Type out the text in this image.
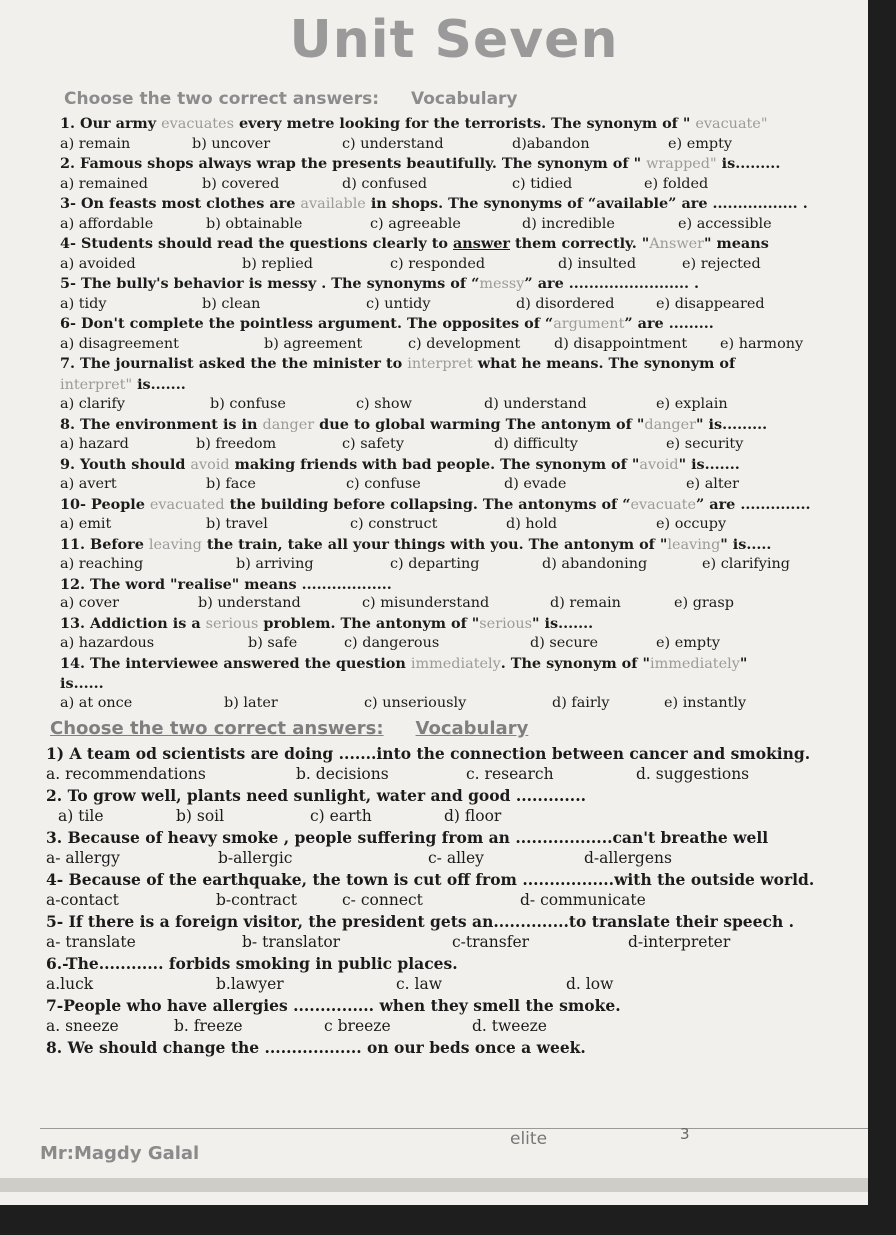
Unit Seven
Choose the two correct answers: Vocabulary
1. Our army evacuates every metre looking for the terrorists. The synonym of " evacuate"
a) remain	b) uncover	c) understand	d)abandon	e) empty
2. Famous shops always wrap the presents beautifully. The synonym of " wrapped" is.........
a) remained	b) covered	d) confused	c) tidied	e) folded
3- On feasts most clothes are available in shops. The synonyms of “available” are ................. .
a) affordable	b) obtainable	c) agreeable	d) incredible	e) accessible
4- Students should read the questions clearly to answer them correctly. "Answer" means
a) avoided	b) replied	c) responded	d) insulted	e) rejected
5- The bully's behavior is messy . The synonyms of “messy” are ........................ .
a) tidy	b) clean	c) untidy	d) disordered	e) disappeared
6- Don't complete the pointless argument. The opposites of “argument” are .........
a) disagreement	b) agreement	c) development	d) disappointment	e) harmony
7. The journalist asked the the minister to interpret what he means. The synonym of
interpret" is.......
a) clarify	b) confuse	c) show	d) understand	e) explain
8. The environment is in danger due to global warming The antonym of "danger" is.........
a) hazard	b) freedom	c) safety	d) difficulty	e) security
9. Youth should avoid making friends with bad people. The synonym of "avoid" is.......
a) avert	b) face	c) confuse	d) evade	e) alter
10- People evacuated the building before collapsing. The antonyms of “evacuate” are ..............
a) emit	b) travel	c) construct	d) hold	e) occupy
11. Before leaving the train, take all your things with you. The antonym of "leaving" is.....
a) reaching	b) arriving	c) departing	d) abandoning	e) clarifying
12. The word "realise" means ..................
a) cover	b) understand	c) misunderstand	d) remain	e) grasp
13. Addiction is a serious problem. The antonym of "serious" is.......
a) hazardous	b) safe	c) dangerous	d) secure	e) empty
14. The interviewee answered the question immediately. The synonym of "immediately"
is......
a) at once	b) later	c) unseriously	d) fairly	e) instantly
Choose the two correct answers: Vocabulary
1) A team od scientists are doing .......into the connection between cancer and smoking.
a. recommendations	b. decisions	c. research	d. suggestions
2. To grow well, plants need sunlight, water and good .............
a) tile	b) soil	c) earth	d) floor
3. Because of heavy smoke , people suffering from an ..................can't breathe well
a- allergy	b-allergic	c- alley	d-allergens
4- Because of the earthquake, the town is cut off from .................with the outside world.
a-contact	b-contract	c- connect	d- communicate
5- If there is a foreign visitor, the president gets an..............to translate their speech .
a- translate	b- translator	c-transfer	d-interpreter
6.-The............ forbids smoking in public places.
a.luck	b.lawyer	c. law	d. low
7-People who have allergies ............... when they smell the smoke.
a. sneeze	b. freeze	c breeze	d. tweeze
8. We should change the .................. on our beds once a week.
Mr:Magdy Galal
elite	3
